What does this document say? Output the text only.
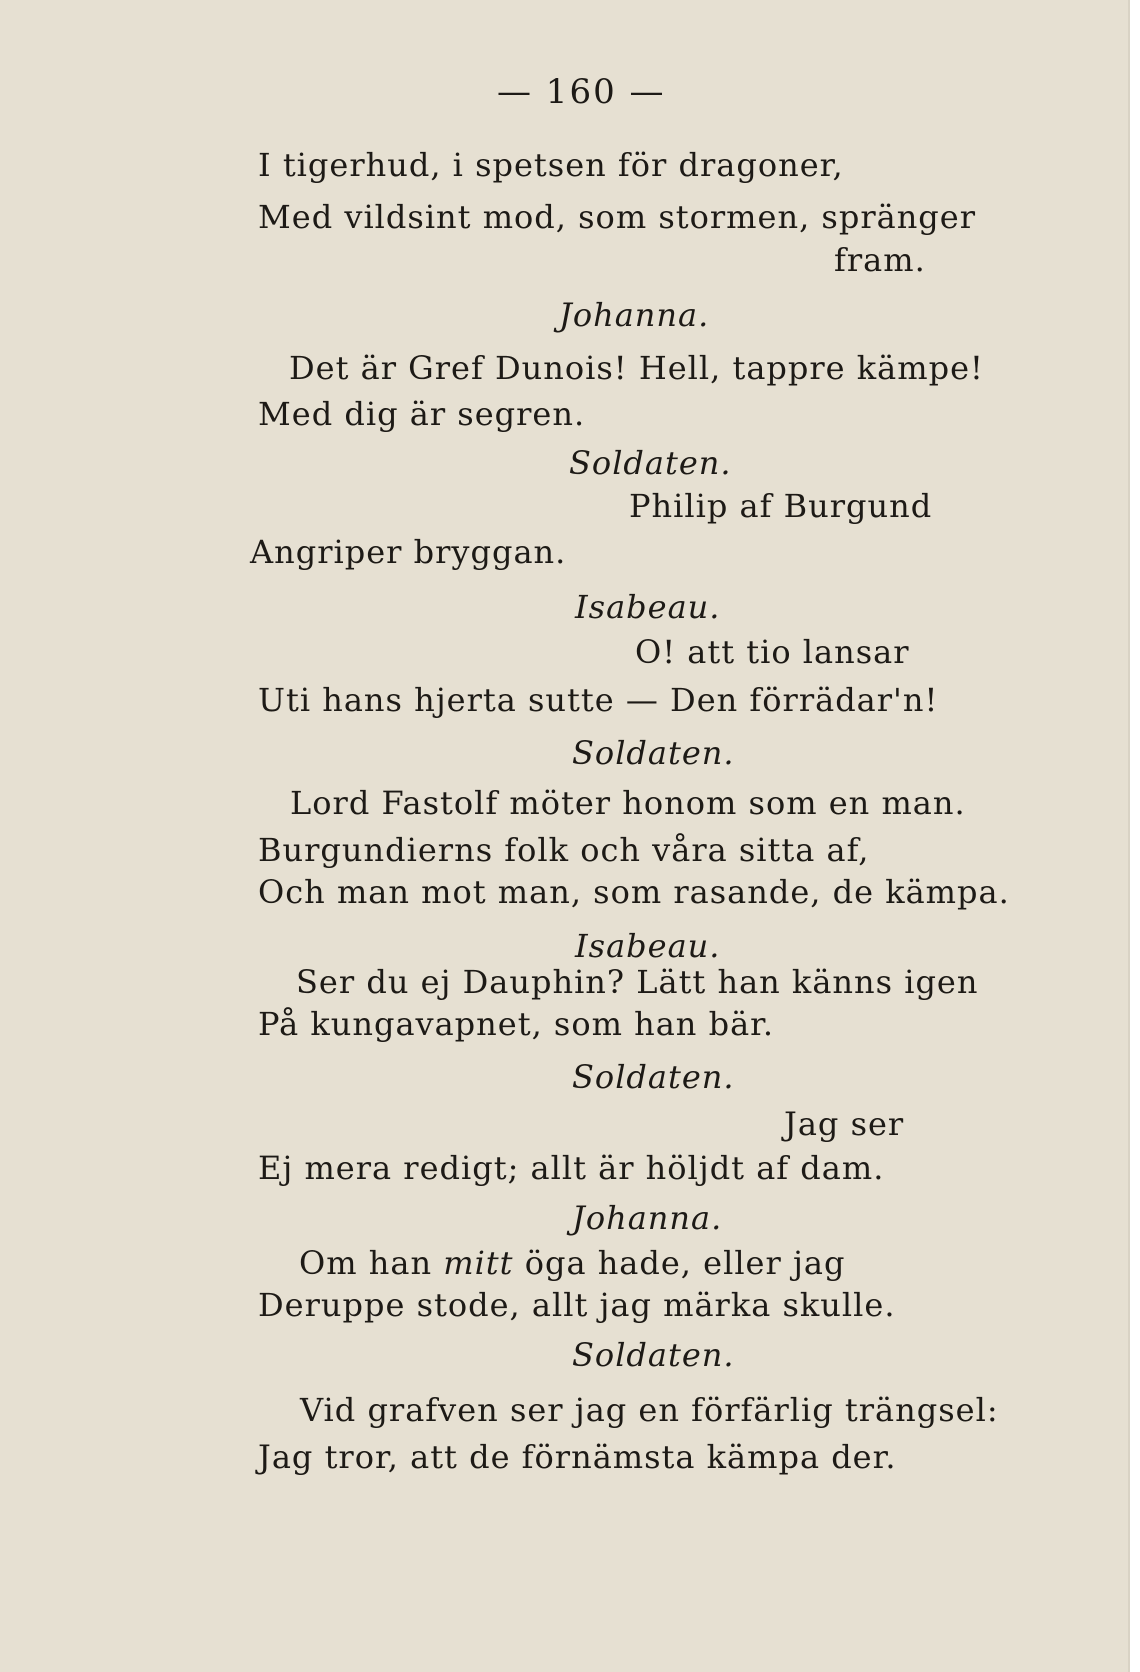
— 160 —
I tigerhud, i spetsen för dragoner,
Med vildsint mod, som stormen, spränger
fram.
Johanna.
Det är Gref Dunois! Hell, tappre kämpe!
Med dig är segren.
Soldaten.
Philip af Burgund
Angriper bryggan.
Isabeau.
O! att tio lansar
Uti hans hjerta sutte — Den förrädar'n!
Soldaten.
Lord Fastolf möter honom som en man.
Burgundierns folk och våra sitta af,
Och man mot man, som rasande, de kämpa.
Isabeau.
Ser du ej Dauphin? Lätt han känns igen
På kungavapnet, som han bär.
Soldaten.
Jag ser
Ej mera redigt; allt är höljdt af dam.
Johanna.
Om han mitt öga hade, eller jag
Deruppe stode, allt jag märka skulle.
Soldaten.
Vid grafven ser jag en förfärlig trängsel:
Jag tror, att de förnämsta kämpa der.
